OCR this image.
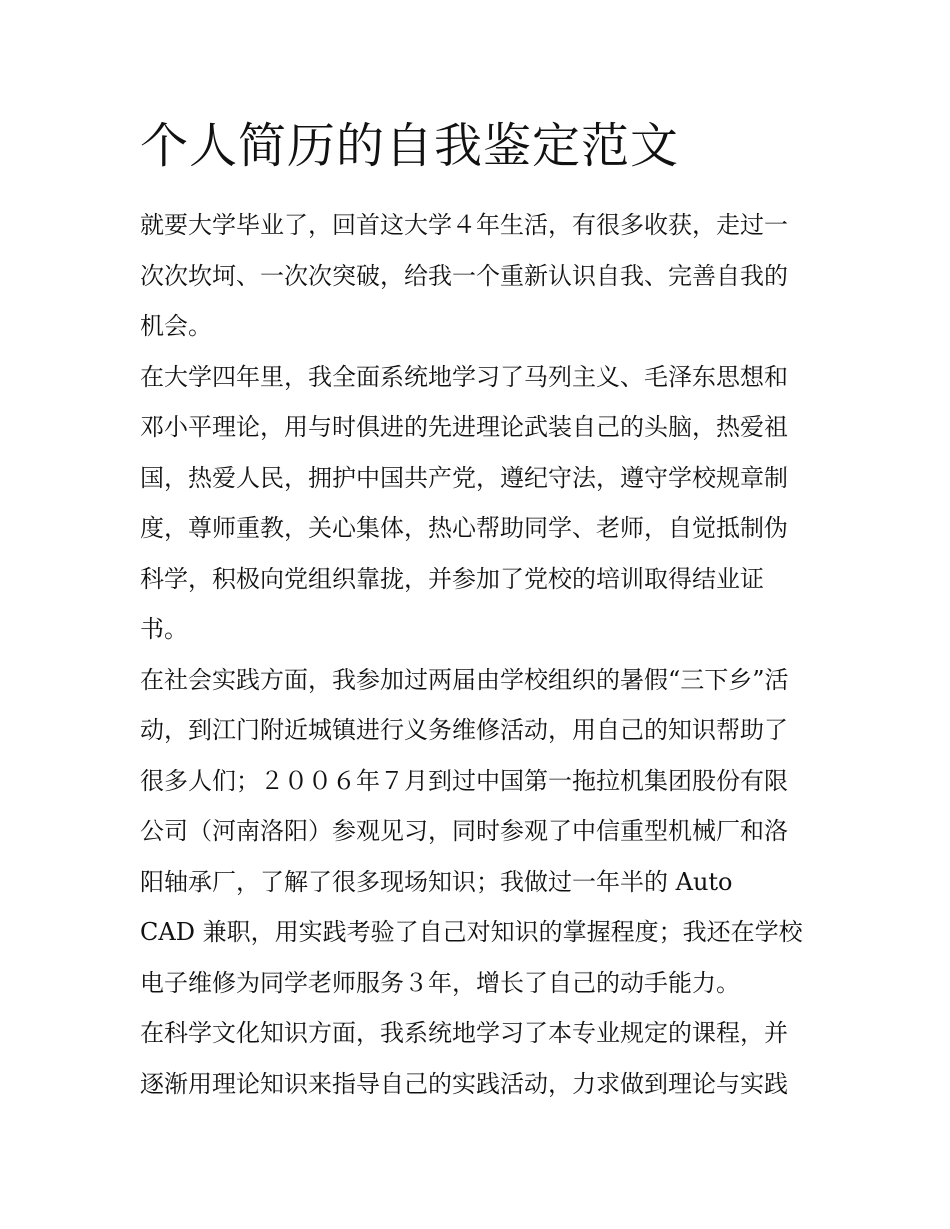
个人简历的自我鉴定范文
就要大学毕业了，回首这大学４年生活，有很多收获，走过一
次次坎坷、一次次突破，给我一个重新认识自我、完善自我的
机会。
在大学四年里，我全面系统地学习了马列主义、毛泽东思想和
邓小平理论，用与时俱进的先进理论武装自己的头脑，热爱祖
国，热爱人民，拥护中国共产党，遵纪守法，遵守学校规章制
度，尊师重教，关心集体，热心帮助同学、老师，自觉抵制伪
科学，积极向党组织靠拢，并参加了党校的培训取得结业证
书。
在社会实践方面，我参加过两届由学校组织的暑假“三下乡”活
动，到江门附近城镇进行义务维修活动，用自己的知识帮助了
很多人们；２００６年７月到过中国第一拖拉机集团股份有限
公司（河南洛阳）参观见习，同时参观了中信重型机械厂和洛
阳轴承厂，了解了很多现场知识；我做过一年半的 Auto
CAD 兼职，用实践考验了自己对知识的掌握程度；我还在学校
电子维修为同学老师服务３年，增长了自己的动手能力。
在科学文化知识方面，我系统地学习了本专业规定的课程，并
逐渐用理论知识来指导自己的实践活动，力求做到理论与实践
